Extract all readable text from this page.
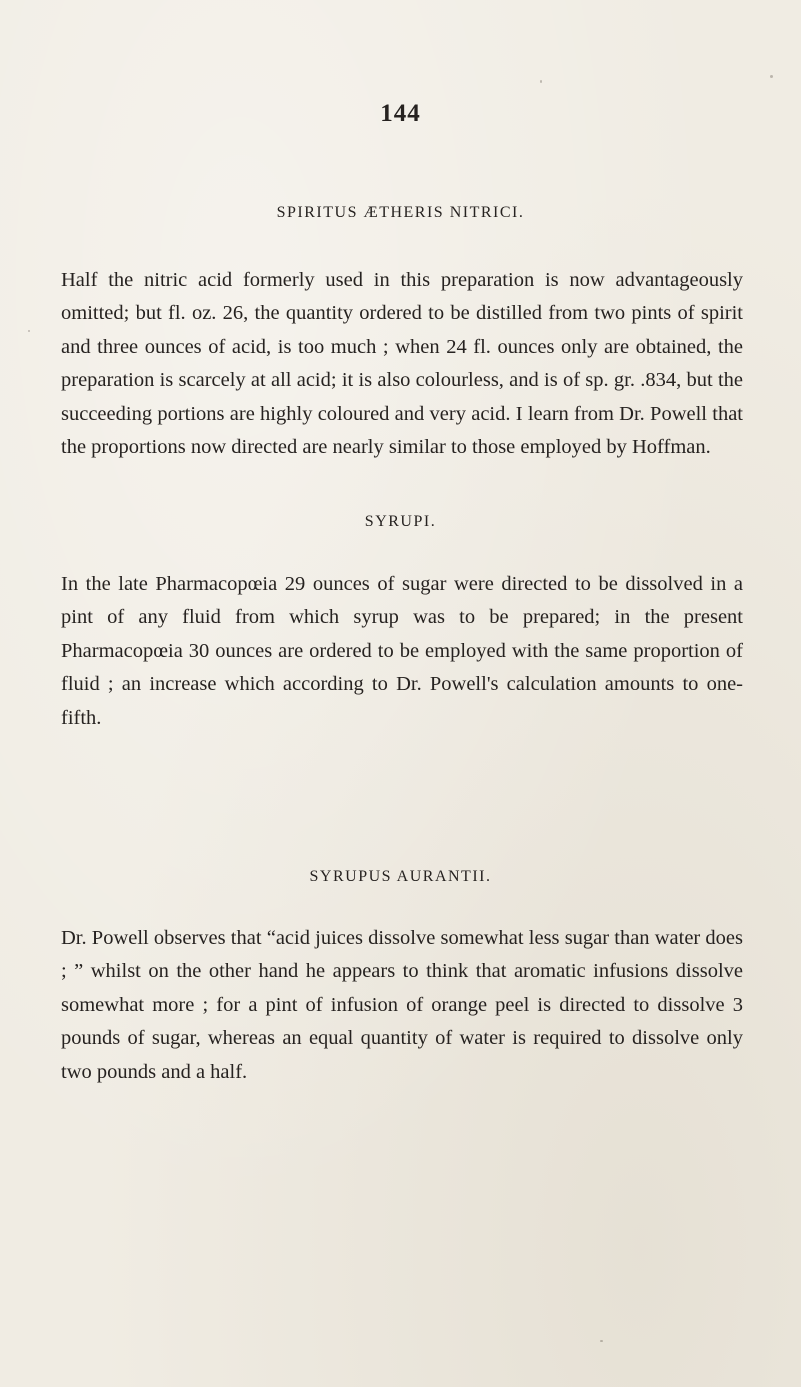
144
SPIRITUS ÆTHERIS NITRICI.

Half the nitric acid formerly used in this preparation is now advantageously omitted; but fl. oz. 26, the quantity ordered to be distilled from two pints of spirit and three ounces of acid, is too much ; when 24 fl. ounces only are obtained, the preparation is scarcely at all acid; it is also colourless, and is of sp. gr. .834, but the succeeding portions are highly coloured and very acid. I learn from Dr. Powell that the proportions now directed are nearly similar to those employed by Hoffman.

SYRUPI.

In the late Pharmacopœia 29 ounces of sugar were directed to be dissolved in a pint of any fluid from which syrup was to be prepared; in the present Pharmacopœia 30 ounces are ordered to be employed with the same proportion of fluid ; an increase which according to Dr. Powell's calculation amounts to one-fifth.

SYRUPUS AURANTII.

Dr. Powell observes that “acid juices dissolve somewhat less sugar than water does ; ” whilst on the other hand he appears to think that aromatic infusions dissolve somewhat more ; for a pint of infusion of orange peel is directed to dissolve 3 pounds of sugar, whereas an equal quantity of water is required to dissolve only two pounds and a half.
